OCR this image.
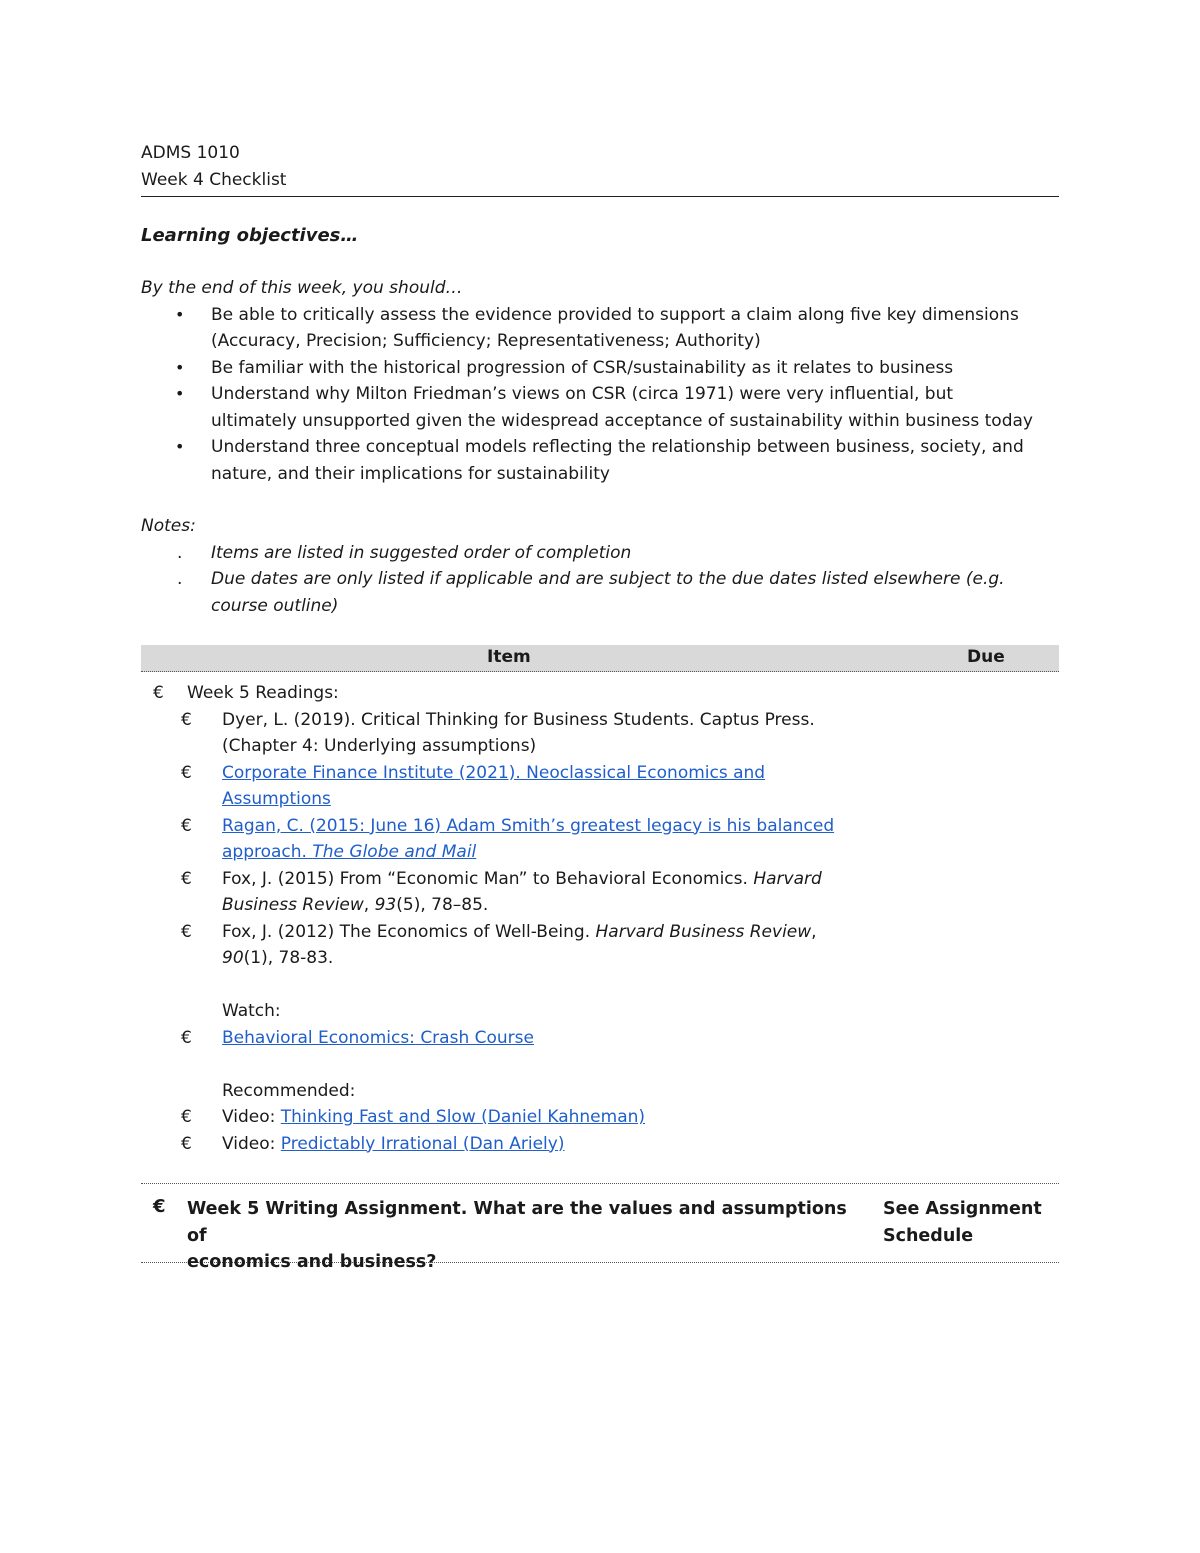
ADMS 1010
Week 4 Checklist
Learning objectives…
By the end of this week, you should…
• Be able to critically assess the evidence provided to support a claim along five key dimensions
(Accuracy, Precision; Sufficiency; Representativeness; Authority)
• Be familiar with the historical progression of CSR/sustainability as it relates to business
• Understand why Milton Friedman’s views on CSR (circa 1971) were very influential, but
ultimately unsupported given the widespread acceptance of sustainability within business today
• Understand three conceptual models reflecting the relationship between business, society, and
nature, and their implications for sustainability
Notes:
. Items are listed in suggested order of completion
. Due dates are only listed if applicable and are subject to the due dates listed elsewhere (e.g.
course outline)
Item	Due
€ Week 5 Readings:
€ Dyer, L. (2019). Critical Thinking for Business Students. Captus Press.
(Chapter 4: Underlying assumptions)
€ Corporate Finance Institute (2021). Neoclassical Economics and
Assumptions
€ Ragan, C. (2015: June 16) Adam Smith’s greatest legacy is his balanced
approach. The Globe and Mail
€ Fox, J. (2015) From “Economic Man” to Behavioral Economics. Harvard
Business Review, 93(5), 78–85.
€ Fox, J. (2012) The Economics of Well-Being. Harvard Business Review,
90(1), 78-83.
Watch:
€ Behavioral Economics: Crash Course
Recommended:
€ Video: Thinking Fast and Slow (Daniel Kahneman)
€ Video: Predictably Irrational (Dan Ariely)
€ Week 5 Writing Assignment. What are the values and assumptions of
economics and business?
See Assignment
Schedule
